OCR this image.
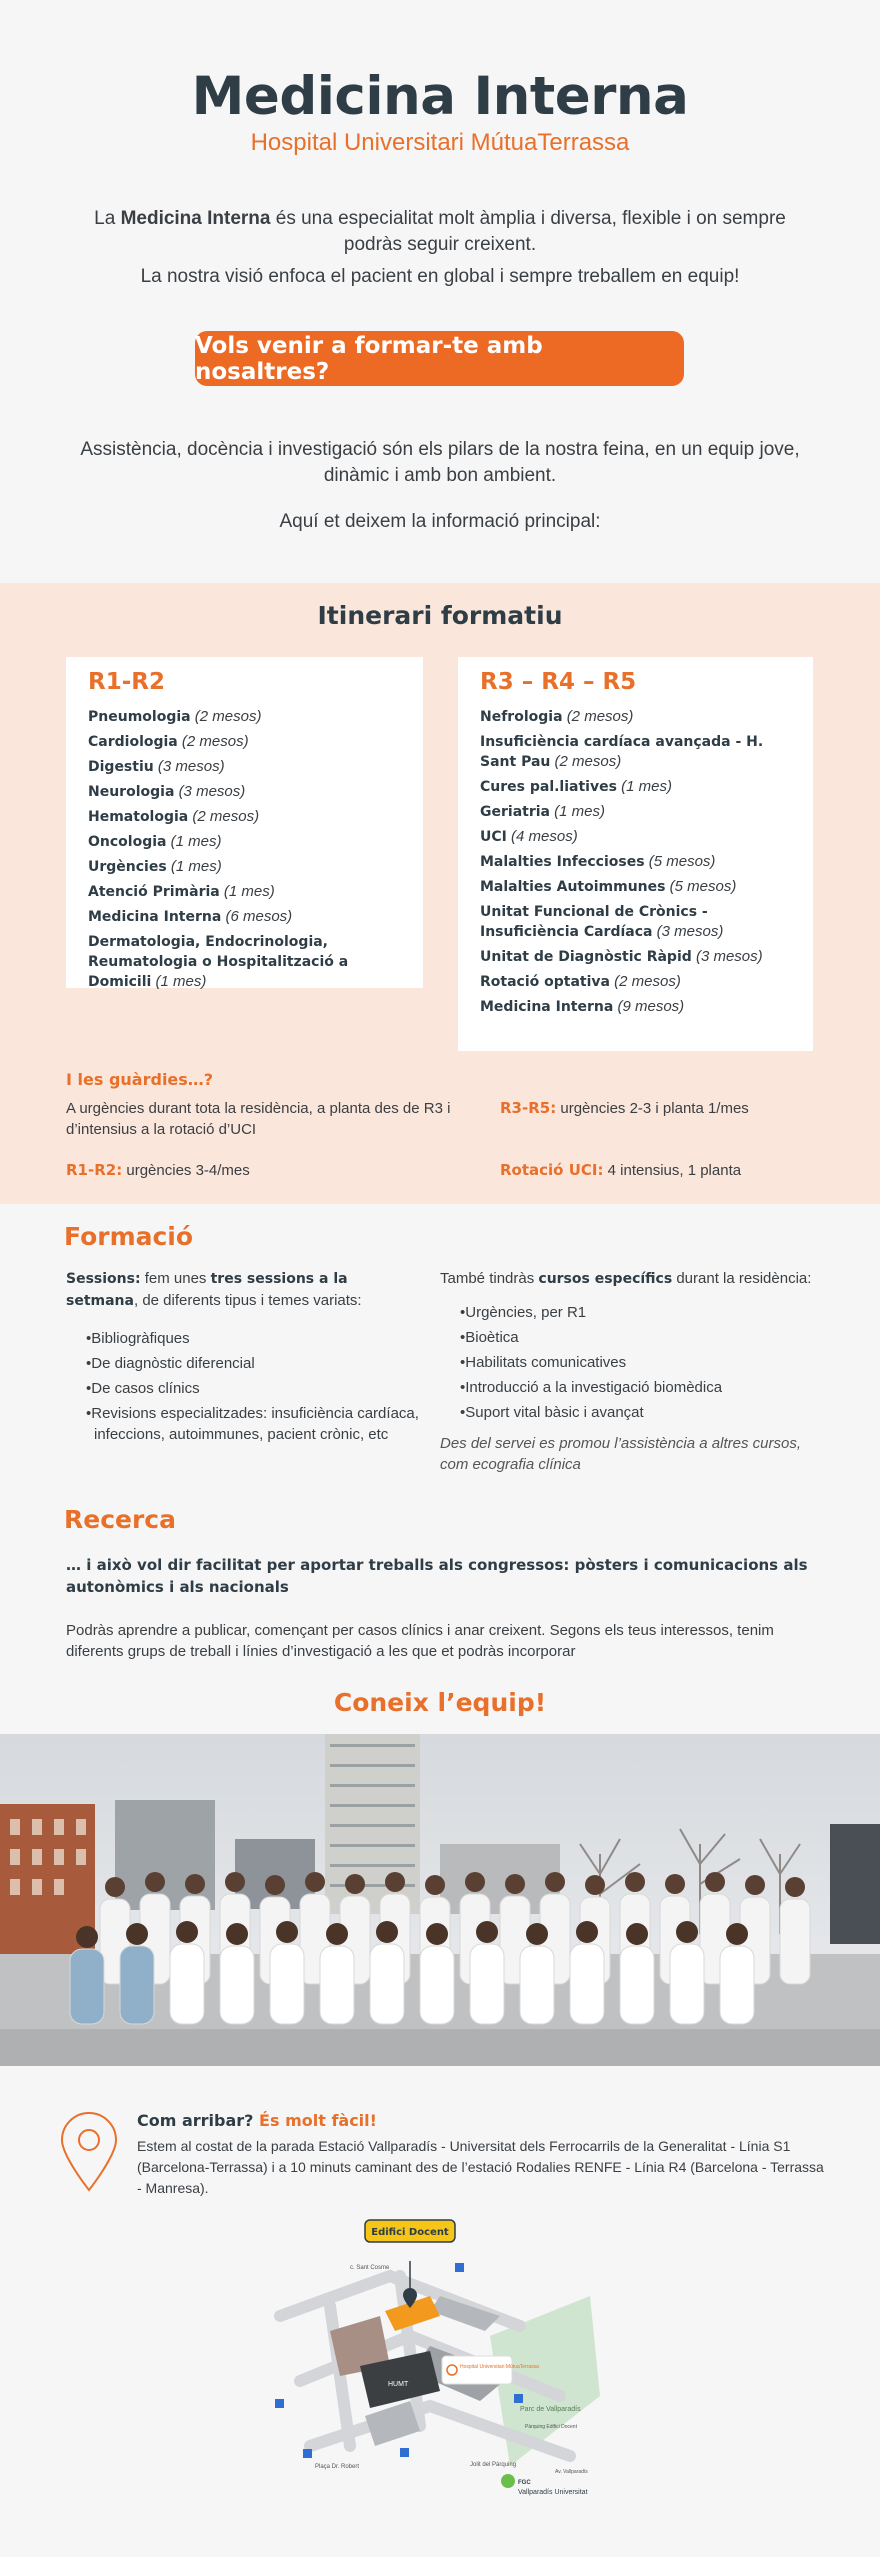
Medicina Interna
Hospital Universitari MútuaTerrassa

La Medicina Interna és una especialitat molt àmplia i diversa, flexible i on sempre podràs seguir creixent.

La nostra visió enfoca el pacient en global i sempre treballem en equip!

Vols venir a formar-te amb nosaltres?
Assistència, docència i investigació són els pilars de la nostra feina, en un equip jove, dinàmic i amb bon ambient.
Aquí et deixem la informació principal:
Itinerari formatiu
R1-R2
Pneumologia (2 mesos)
Cardiologia (2 mesos)
Digestiu (3 mesos)
Neurologia (3 mesos)
Hematologia (2 mesos)
Oncologia (1 mes)
Urgències (1 mes)
Atenció Primària (1 mes)
Medicina Interna (6 mesos)
Dermatologia, Endocrinologia, Reumatologia o Hospitalització a Domicili (1 mes)
R3 – R4 – R5
Nefrologia (2 mesos)
Insuficiència cardíaca avançada - H. Sant Pau (2 mesos)
Cures pal.liatives (1 mes)
Geriatria (1 mes)
UCI (4 mesos)
Malalties Infeccioses (5 mesos)
Malalties Autoimmunes (5 mesos)
Unitat Funcional de Crònics - Insuficiència Cardíaca (3 mesos)
Unitat de Diagnòstic Ràpid (3 mesos)
Rotació optativa (2 mesos)
Medicina Interna (9 mesos)
I les guàrdies…?
A urgències durant tota la residència, a planta des de R3 i d’intensius a la rotació d’UCI
R3-R5: urgències 2-3 i planta 1/mes
R1-R2: urgències 3-4/mes	Rotació UCI: 4 intensius, 1 planta
Formació

Sessions: fem unes tres sessions a la setmana, de diferents tipus i temes variats:

•Bibliogràfiques
•De diagnòstic diferencial
•De casos clínics
•Revisions especialitzades: insuficiència cardíaca, infeccions, autoimmunes, pacient crònic, etc

També tindràs cursos específics durant la residència:

•Urgències, per R1
•Bioètica
•Habilitats comunicatives
•Introducció a la investigació biomèdica
•Suport vital bàsic i avançat

Des del servei es promou l’assistència a altres cursos, com ecografia clínica

Recerca

… i això vol dir facilitat per aportar treballs als congressos: pòsters i comunicacions als autonòmics i als nacionals

Podràs aprendre a publicar, començant per casos clínics i anar creixent. Segons els teus interessos, tenim diferents grups de treball i línies d’investigació a les que et podràs incorporar

Coneix l’equip!
Com arribar? És molt fàcil!

Estem al costat de la parada Estació Vallparadís - Universitat dels Ferrocarrils de la Generalitat - Línia S1 (Barcelona-Terrassa) i a 10 minuts caminant des de l’estació Rodalies RENFE - Línia R4 (Barcelona - Terrassa - Manresa).

HUMT
Hospital Universitari MútuaTerrassa
Edifici Docent
c. Sant Cosme
Parc de Vallparadís
Pàrquing Edifici Docent
Plaça Dr. Robert	Jolit del Pàrquing
Av. Vallparadís
FGC
Vallparadís Universitat
